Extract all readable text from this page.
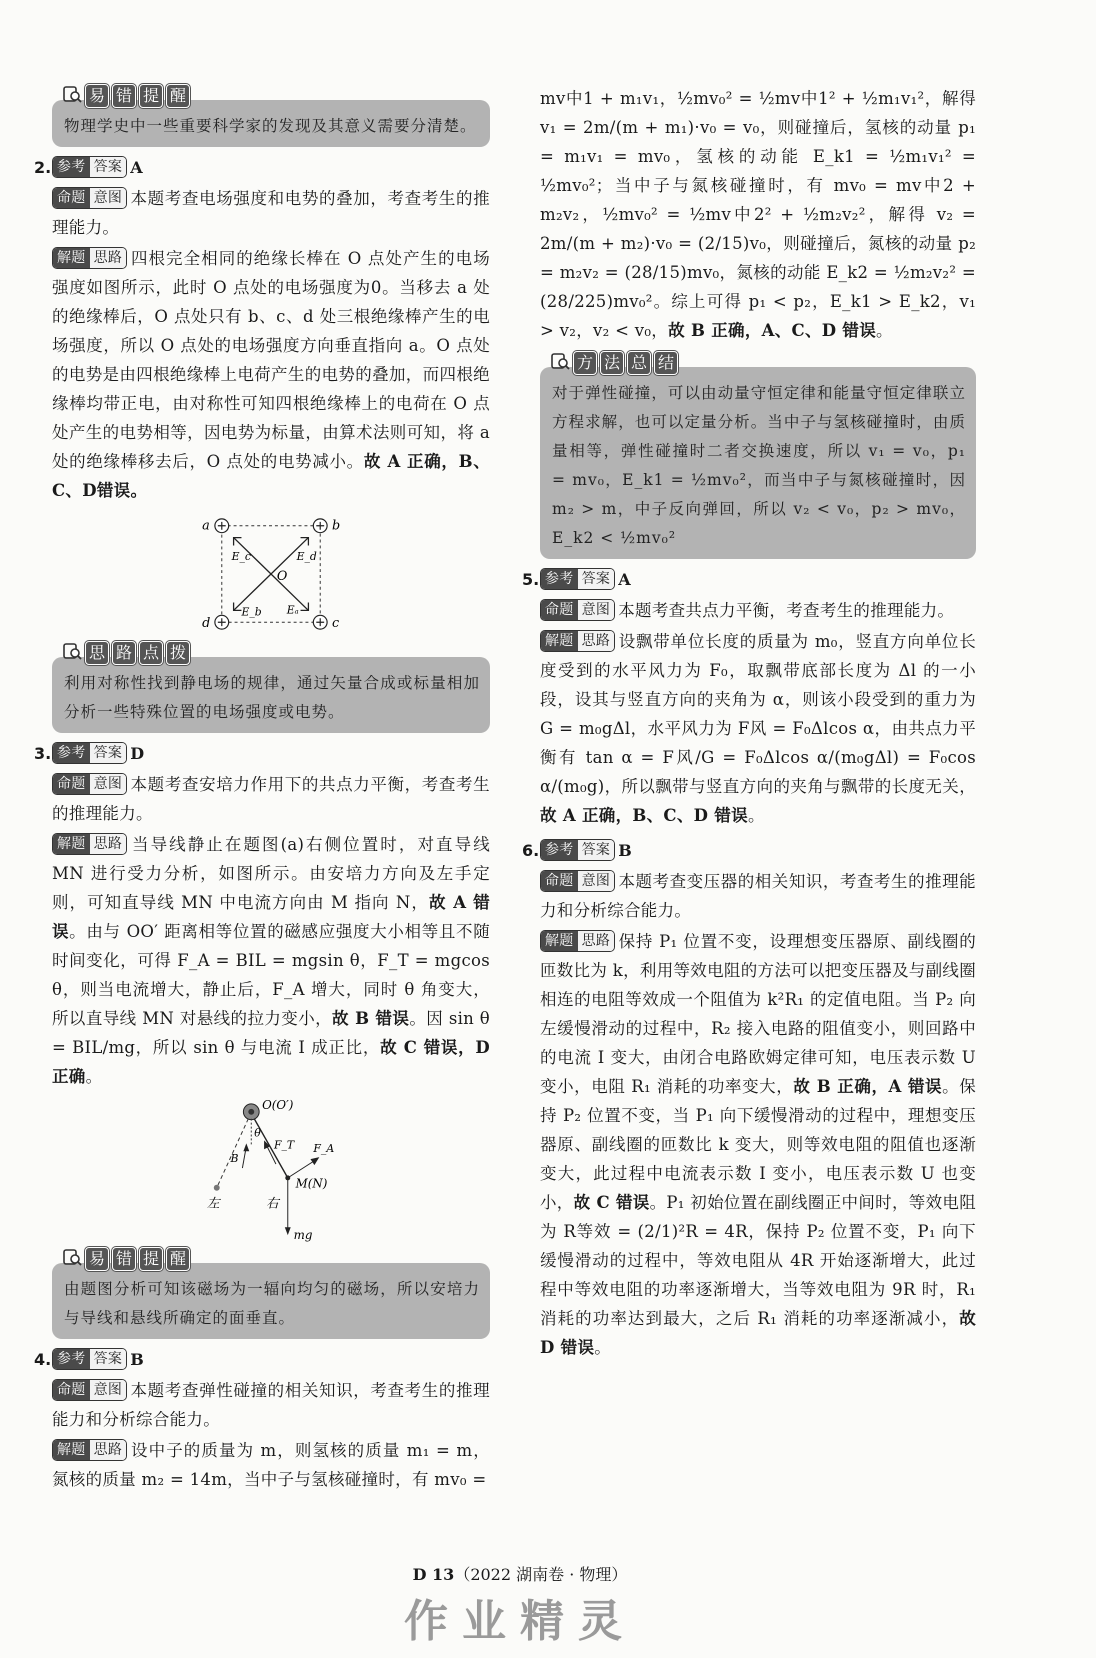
易 错 提 醒

物理学史中一些重要科学家的发现及其意义需要分清楚。

2. 参考 答案 A

命题 意图 本题考查电场强度和电势的叠加，考查考生的推理能力。

解题 思路 四根完全相同的绝缘长棒在 O 点处产生的电场强度如图所示，此时 O 点处的电场强度为0。当移去 a 处的绝缘棒后，O 点处只有 b、c、d 处三根绝缘棒产生的电场强度，所以 O 点处的电场强度方向垂直指向 a。O 点处的电势是由四根绝缘棒上电荷产生的电势的叠加，而四根绝缘棒均带正电，由对称性可知四根绝缘棒上的电荷在 O 点处产生的电势相等，因电势为标量，由算术法则可知，将 a 处的绝缘棒移去后，O 点处的电势减小。故 A 正确，B、C、D错误。

a	b
c
d
O
E_c	E_d
E_b Eₐ
思 路 点 拨

利用对称性找到静电场的规律，通过矢量合成或标量相加分析一些特殊位置的电场强度或电势。

3. 参考 答案 D

命题 意图 本题考查安培力作用下的共点力平衡，考查考生的推理能力。

解题 思路 当导线静止在题图(a)右侧位置时，对直导线 MN 进行受力分析，如图所示。由安培力方向及左手定则，可知直导线 MN 中电流方向由 M 指向 N，故 A 错误。由与 OO′ 距离相等位置的磁感应强度大小相等且不随时间变化，可得 F_A = BIL = mgsin θ，F_T = mgcos θ，则当电流增大，静止后，F_A 增大，同时 θ 角变大，所以直导线 MN 对悬线的拉力变小，故 B 错误。因 sin θ = BIL/mg，所以 sin θ 与电流 I 成正比，故 C 错误，D 正确。

O(O′)
θ
B
F_T F_A
M(N)
左	右
mg
易 错 提 醒

由题图分析可知该磁场为一辐向均匀的磁场，所以安培力与导线和悬线所确定的面垂直。

4. 参考 答案 B

命题 意图 本题考查弹性碰撞的相关知识，考查考生的推理能力和分析综合能力。

解题 思路 设中子的质量为 m，则氢核的质量 m₁ = m，氮核的质量 m₂ = 14m，当中子与氢核碰撞时，有 mv₀ =

mv中1 + m₁v₁，½mv₀² = ½mv中1² + ½m₁v₁²，解得 v₁ = 2m/(m + m₁)·v₀ = v₀，则碰撞后，氢核的动量 p₁ = m₁v₁ = mv₀，氢核的动能 E_k1 = ½m₁v₁² = ½mv₀²；当中子与氮核碰撞时，有 mv₀ = mv中2 + m₂v₂，½mv₀² = ½mv中2² + ½m₂v₂²，解得 v₂ = 2m/(m + m₂)·v₀ = (2/15)v₀，则碰撞后，氮核的动量 p₂ = m₂v₂ = (28/15)mv₀，氮核的动能 E_k2 = ½m₂v₂² = (28/225)mv₀²。综上可得 p₁ < p₂，E_k1 > E_k2，v₁ > v₂，v₂ < v₀，故 B 正确，A、C、D 错误。

方 法 总 结

对于弹性碰撞，可以由动量守恒定律和能量守恒定律联立方程求解，也可以定量分析。当中子与氢核碰撞时，由质量相等，弹性碰撞时二者交换速度，所以 v₁ = v₀，p₁ = mv₀，E_k1 = ½mv₀²，而当中子与氮核碰撞时，因 m₂ > m，中子反向弹回，所以 v₂ < v₀，p₂ > mv₀，E_k2 < ½mv₀²

5. 参考 答案 A

命题 意图 本题考查共点力平衡，考查考生的推理能力。

解题 思路 设飘带单位长度的质量为 m₀，竖直方向单位长度受到的水平风力为 F₀，取飘带底部长度为 Δl 的一小段，设其与竖直方向的夹角为 α，则该小段受到的重力为 G = m₀gΔl，水平风力为 F风 = F₀Δlcos α，由共点力平衡有 tan α = F风/G = F₀Δlcos α/(m₀gΔl) = F₀cos α/(m₀g)，所以飘带与竖直方向的夹角与飘带的长度无关，故 A 正确，B、C、D 错误。

6. 参考 答案 B

命题 意图 本题考查变压器的相关知识，考查考生的推理能力和分析综合能力。

解题 思路 保持 P₁ 位置不变，设理想变压器原、副线圈的匝数比为 k，利用等效电阻的方法可以把变压器及与副线圈相连的电阻等效成一个阻值为 k²R₁ 的定值电阻。当 P₂ 向左缓慢滑动的过程中，R₂ 接入电路的阻值变小，则回路中的电流 I 变大，由闭合电路欧姆定律可知，电压表示数 U 变小，电阻 R₁ 消耗的功率变大，故 B 正确，A 错误。保持 P₂ 位置不变，当 P₁ 向下缓慢滑动的过程中，理想变压器原、副线圈的匝数比 k 变大，则等效电阻的阻值也逐渐变大，此过程中电流表示数 I 变小，电压表示数 U 也变小，故 C 错误。P₁ 初始位置在副线圈正中间时，等效电阻为 R等效 = (2/1)²R = 4R，保持 P₂ 位置不变，P₁ 向下缓慢滑动的过程中，等效电阻从 4R 开始逐渐增大，此过程中等效电阻的功率逐渐增大，当等效电阻为 9R 时，R₁ 消耗的功率达到最大，之后 R₁ 消耗的功率逐渐减小，故 D 错误。

D 13（2022 湖南卷 · 物理）
作业精灵
